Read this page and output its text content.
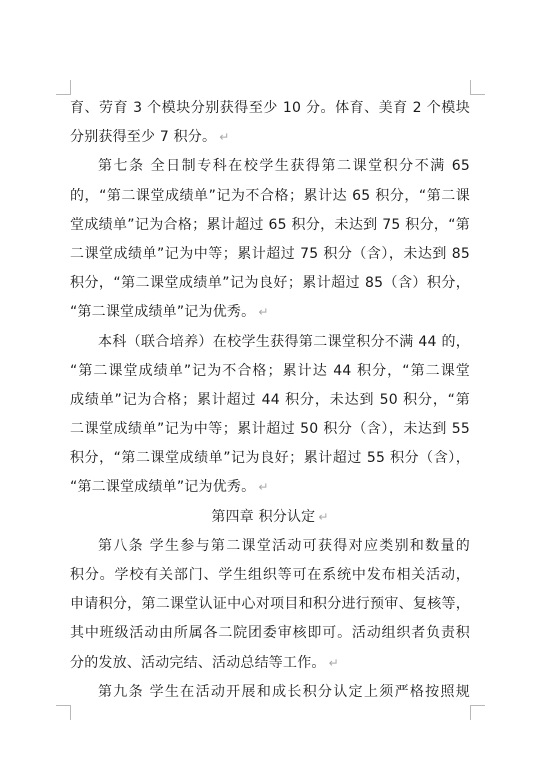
育、劳育 3 个模块分别获得至少 10 分。体育、美育 2 个模块
分别获得至少 7 积分。 ↵
第七条 全日制专科在校学生获得第二课堂积分不满 65
的，“第二课堂成绩单”记为不合格；累计达 65 积分，“第二课
堂成绩单”记为合格；累计超过 65 积分，未达到 75 积分，“第
二课堂成绩单”记为中等；累计超过 75 积分（含），未达到 85
积分，“第二课堂成绩单”记为良好；累计超过 85（含）积分，
“第二课堂成绩单”记为优秀。 ↵
本科（联合培养）在校学生获得第二课堂积分不满 44 的，
“第二课堂成绩单”记为不合格；累计达 44 积分，“第二课堂
成绩单”记为合格；累计超过 44 积分，未达到 50 积分，“第
二课堂成绩单”记为中等；累计超过 50 积分（含），未达到 55
积分，“第二课堂成绩单”记为良好；累计超过 55 积分（含），
“第二课堂成绩单”记为优秀。 ↵
第四章 积分认定 ↵
第八条 学生参与第二课堂活动可获得对应类别和数量的
积分。学校有关部门、学生组织等可在系统中发布相关活动，
申请积分，第二课堂认证中心对项目和积分进行预审、复核等，
其中班级活动由所属各二院团委审核即可。活动组织者负责积
分的发放、活动完结、活动总结等工作。 ↵
第九条 学生在活动开展和成长积分认定上须严格按照规
